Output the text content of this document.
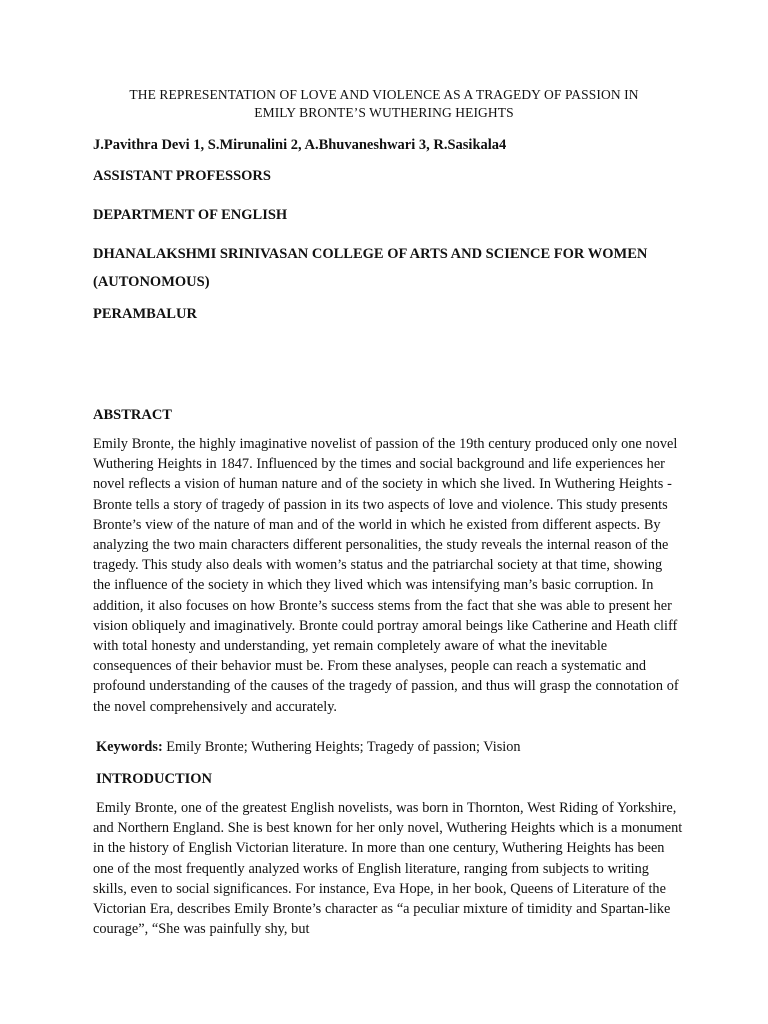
THE REPRESENTATION OF LOVE AND VIOLENCE AS A TRAGEDY OF PASSION IN
EMILY BRONTE’S WUTHERING HEIGHTS
J.Pavithra Devi 1, S.Mirunalini 2, A.Bhuvaneshwari 3, R.Sasikala4
ASSISTANT PROFESSORS
DEPARTMENT OF ENGLISH
DHANALAKSHMI SRINIVASAN COLLEGE OF ARTS AND SCIENCE FOR WOMEN (AUTONOMOUS)
PERAMBALUR
ABSTRACT
Emily Bronte, the highly imaginative novelist of passion of the 19th century produced only one novel Wuthering Heights in 1847. Influenced by the times and social background and life experiences her novel reflects a vision of human nature and of the society in which she lived. In Wuthering Heights -Bronte tells a story of tragedy of passion in its two aspects of love and violence. This study presents Bronte’s view of the nature of man and of the world in which he existed from different aspects. By analyzing the two main characters different personalities, the study reveals the internal reason of the tragedy. This study also deals with women’s status and the patriarchal society at that time, showing the influence of the society in which they lived which was intensifying man’s basic corruption. In addition, it also focuses on how Bronte’s success stems from the fact that she was able to present her vision obliquely and imaginatively. Bronte could portray amoral beings like Catherine and Heath cliff with total honesty and understanding, yet remain completely aware of what the inevitable consequences of their behavior must be. From these analyses, people can reach a systematic and profound understanding of the causes of the tragedy of passion, and thus will grasp the connotation of the novel comprehensively and accurately.
Keywords: Emily Bronte; Wuthering Heights; Tragedy of passion; Vision
INTRODUCTION
Emily Bronte, one of the greatest English novelists, was born in Thornton, West Riding of Yorkshire, and Northern England. She is best known for her only novel, Wuthering Heights which is a monument in the history of English Victorian literature. In more than one century, Wuthering Heights has been one of the most frequently analyzed works of English literature, ranging from subjects to writing skills, even to social significances. For instance, Eva Hope, in her book, Queens of Literature of the Victorian Era, describes Emily Bronte’s character as “a peculiar mixture of timidity and Spartan-like courage”, “She was painfully shy, but
